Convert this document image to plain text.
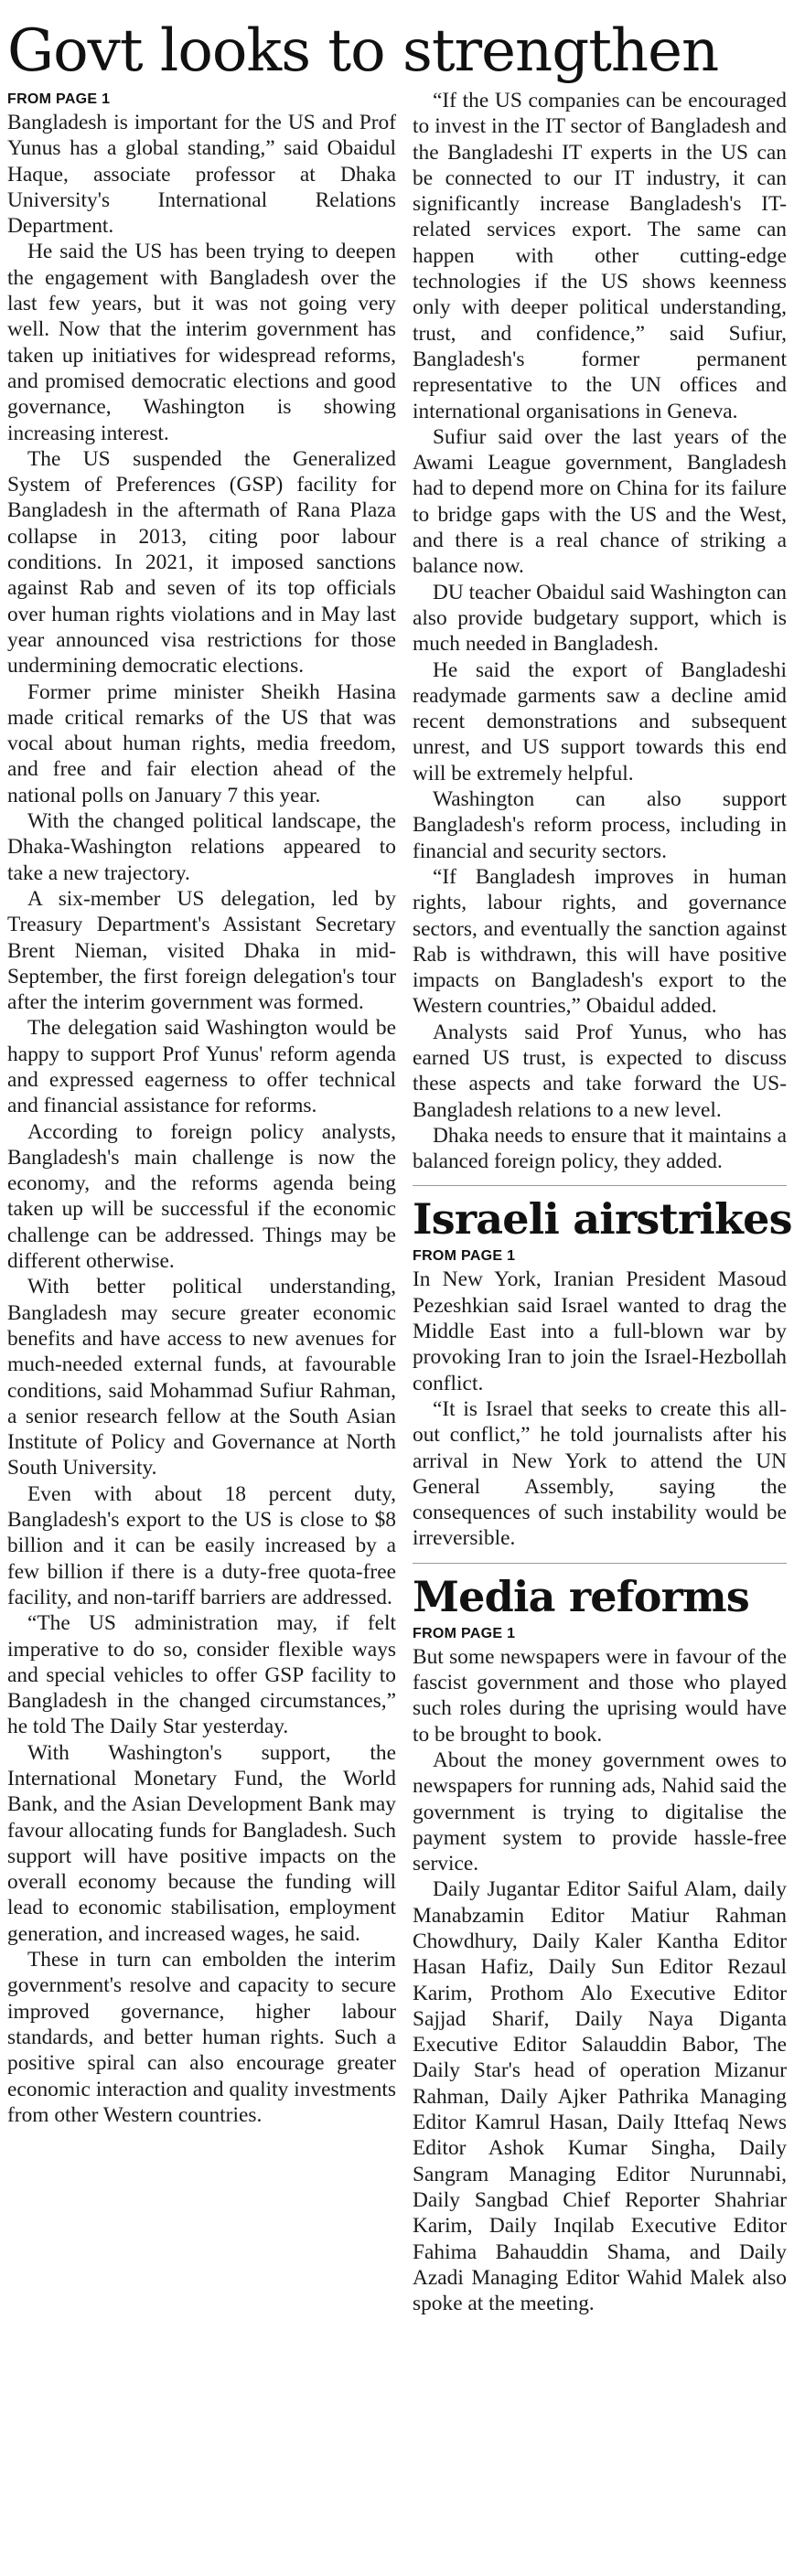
Govt looks to strengthen
FROM PAGE 1

Bangladesh is important for the US and Prof Yunus has a global standing,” said Obaidul Haque, associate professor at Dhaka University's International Relations Department.

He said the US has been trying to deepen the engagement with Bangladesh over the last few years, but it was not going very well. Now that the interim government has taken up initiatives for widespread reforms, and promised democratic elections and good governance, Washington is showing increasing interest.

The US suspended the Generalized System of Preferences (GSP) facility for Bangladesh in the aftermath of Rana Plaza collapse in 2013, citing poor labour conditions. In 2021, it imposed sanctions against Rab and seven of its top officials over human rights violations and in May last year announced visa restrictions for those undermining democratic elections.

Former prime minister Sheikh Hasina made critical remarks of the US that was vocal about human rights, media freedom, and free and fair election ahead of the national polls on January 7 this year.

With the changed political landscape, the Dhaka-Washington relations appeared to take a new trajectory.

A six-member US delegation, led by Treasury Department's Assistant Secretary Brent Nieman, visited Dhaka in mid-September, the first foreign delegation's tour after the interim government was formed.

The delegation said Washington would be happy to support Prof Yunus' reform agenda and expressed eagerness to offer technical and financial assistance for reforms.

According to foreign policy analysts, Bangladesh's main challenge is now the economy, and the reforms agenda being taken up will be successful if the economic challenge can be addressed. Things may be different otherwise.

With better political understanding, Bangladesh may secure greater economic benefits and have access to new avenues for much-needed external funds, at favourable conditions, said Mohammad Sufiur Rahman, a senior research fellow at the South Asian Institute of Policy and Governance at North South University.

Even with about 18 percent duty, Bangladesh's export to the US is close to $8 billion and it can be easily increased by a few billion if there is a duty-free quota-free facility, and non-tariff barriers are addressed.

“The US administration may, if felt imperative to do so, consider flexible ways and special vehicles to offer GSP facility to Bangladesh in the changed circumstances,” he told The Daily Star yesterday.

With Washington's support, the International Monetary Fund, the World Bank, and the Asian Development Bank may favour allocating funds for Bangladesh. Such support will have positive impacts on the overall economy because the funding will lead to economic stabilisation, employment generation, and increased wages, he said.

These in turn can embolden the interim government's resolve and capacity to secure improved governance, higher labour standards, and better human rights. Such a positive spiral can also encourage greater economic interaction and quality investments from other Western countries.

“If the US companies can be encouraged to invest in the IT sector of Bangladesh and the Bangladeshi IT experts in the US can be connected to our IT industry, it can significantly increase Bangladesh's IT-related services export. The same can happen with other cutting-edge technologies if the US shows keenness only with deeper political understanding, trust, and confidence,” said Sufiur, Bangladesh's former permanent representative to the UN offices and international organisations in Geneva.

Sufiur said over the last years of the Awami League government, Bangladesh had to depend more on China for its failure to bridge gaps with the US and the West, and there is a real chance of striking a balance now.

DU teacher Obaidul said Washington can also provide budgetary support, which is much needed in Bangladesh.

He said the export of Bangladeshi readymade garments saw a decline amid recent demonstrations and subsequent unrest, and US support towards this end will be extremely helpful.

Washington can also support Bangladesh's reform process, including in financial and security sectors.

“If Bangladesh improves in human rights, labour rights, and governance sectors, and eventually the sanction against Rab is withdrawn, this will have positive impacts on Bangladesh's export to the Western countries,” Obaidul added.

Analysts said Prof Yunus, who has earned US trust, is expected to discuss these aspects and take forward the US-Bangladesh relations to a new level.

Dhaka needs to ensure that it maintains a balanced foreign policy, they added.

Israeli airstrikes
FROM PAGE 1

In New York, Iranian President Masoud Pezeshkian said Israel wanted to drag the Middle East into a full-blown war by provoking Iran to join the Israel-Hezbollah conflict.

“It is Israel that seeks to create this all-out conflict,” he told journalists after his arrival in New York to attend the UN General Assembly, saying the consequences of such instability would be irreversible.

Media reforms
FROM PAGE 1

But some newspapers were in favour of the fascist government and those who played such roles during the uprising would have to be brought to book.

About the money government owes to newspapers for running ads, Nahid said the government is trying to digitalise the payment system to provide hassle-free service.

Daily Jugantar Editor Saiful Alam, daily Manabzamin Editor Matiur Rahman Chowdhury, Daily Kaler Kantha Editor Hasan Hafiz, Daily Sun Editor Rezaul Karim, Prothom Alo Executive Editor Sajjad Sharif, Daily Naya Diganta Executive Editor Salauddin Babor, The Daily Star's head of operation Mizanur Rahman, Daily Ajker Pathrika Managing Editor Kamrul Hasan, Daily Ittefaq News Editor Ashok Kumar Singha, Daily Sangram Managing Editor Nurunnabi, Daily Sangbad Chief Reporter Shahriar Karim, Daily Inqilab Executive Editor Fahima Bahauddin Shama, and Daily Azadi Managing Editor Wahid Malek also spoke at the meeting.
